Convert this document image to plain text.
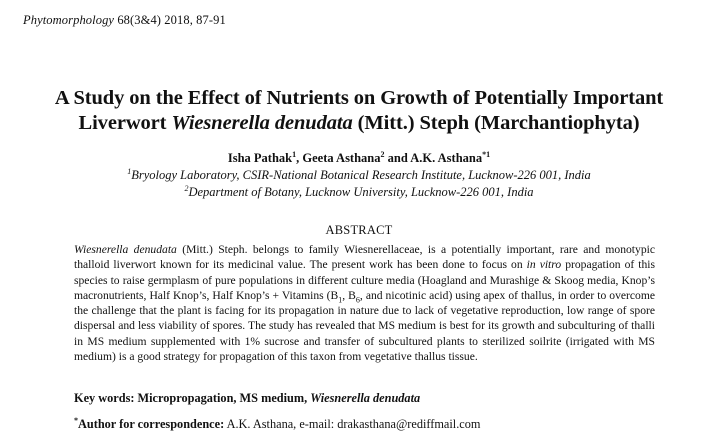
Phytomorphology 68(3&4) 2018, 87-91
A Study on the Effect of Nutrients on Growth of Potentially Important
Liverwort Wiesnerella denudata (Mitt.) Steph (Marchantiophyta)
Isha Pathak$^1$, Geeta Asthana$^2$ and A.K. Asthana$^{*1}$
$^1$Bryology Laboratory, CSIR-National Botanical Research Institute, Lucknow-226 001, India
$^2$Department of Botany, Lucknow University, Lucknow-226 001, India
ABSTRACT
Wiesnerella denudata (Mitt.) Steph. belongs to family Wiesnerellaceae, is a potentially important, rare and monotypic thalloid liverwort known for its medicinal value. The present work has been done to focus on in vitro propagation of this species to raise germplasm of pure populations in different culture media (Hoagland and Murashige & Skoog media, Knop’s macronutrients, Half Knop’s, Half Knop’s + Vitamins ($B_1$, $B_6$, and nicotinic acid) using apex of thallus, in order to overcome the challenge that the plant is facing for its propagation in nature due to lack of vegetative reproduction, low range of spore dispersal and less viability of spores. The study has revealed that MS medium is best for its growth and subculturing of thalli in MS medium supplemented with 1% sucrose and transfer of subcultured plants to sterilized soilrite (irrigated with MS medium) is a good strategy for propagation of this taxon from vegetative thallus tissue.
Key words: Micropropagation, MS medium, Wiesnerella denudata
*Author for correspondence: A.K. Asthana, e-mail: drakasthana@rediffmail.com
